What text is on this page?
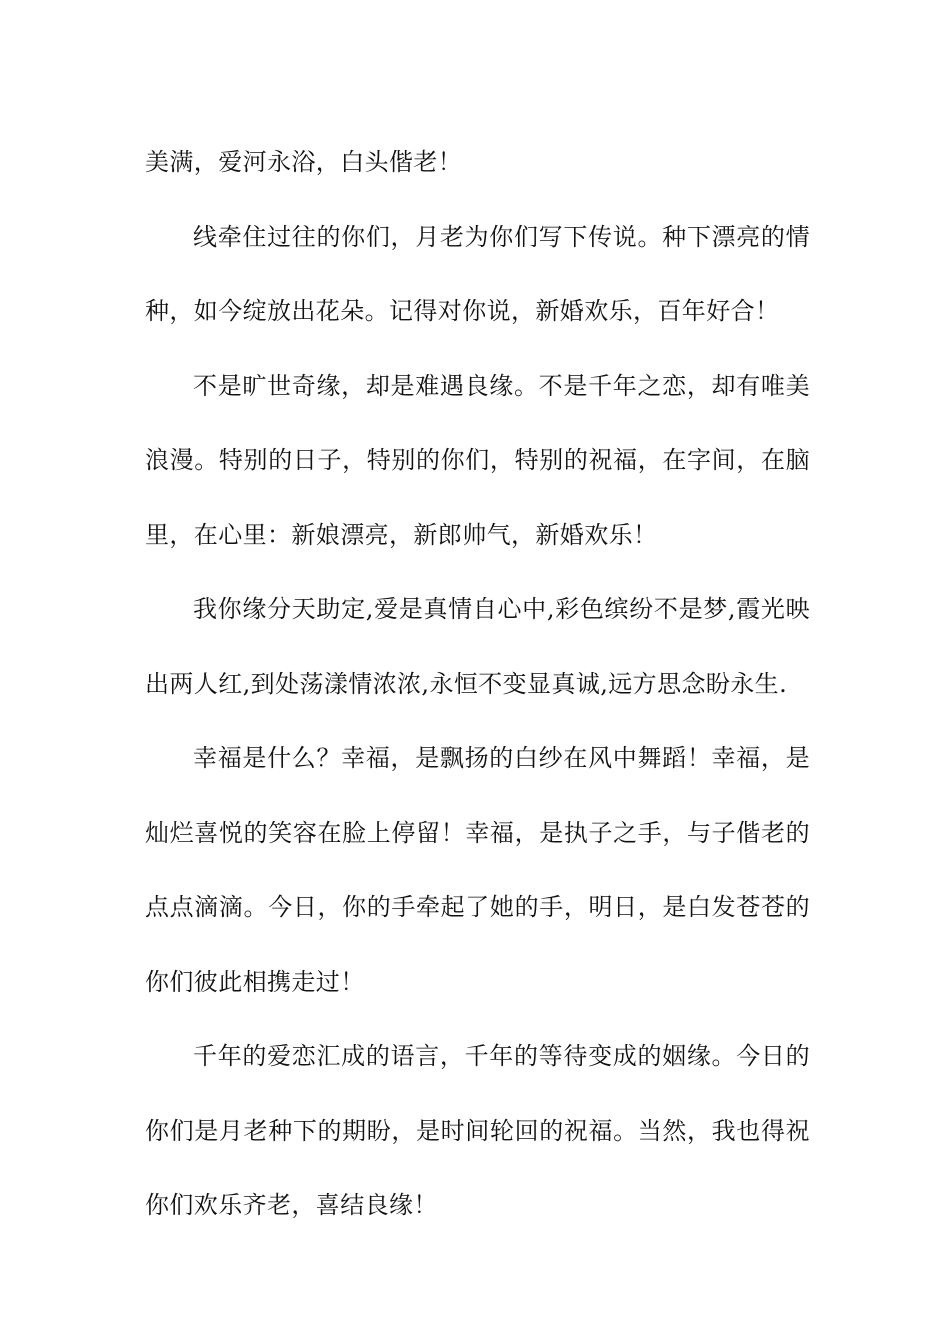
美满，爱河永浴，白头偕老！

线牵住过往的你们，月老为你们写下传说。种下漂亮的情种，如今绽放出花朵。记得对你说，新婚欢乐，百年好合！

不是旷世奇缘，却是难遇良缘。不是千年之恋，却有唯美浪漫。特别的日子，特别的你们，特别的祝福，在字间，在脑里，在心里：新娘漂亮，新郎帅气，新婚欢乐！

我你缘分天助定,爱是真情自心中,彩色缤纷不是梦,霞光映出两人红,到处荡漾情浓浓,永恒不变显真诚,远方思念盼永生.

幸福是什么？幸福，是飘扬的白纱在风中舞蹈！幸福，是灿烂喜悦的笑容在脸上停留！幸福，是执子之手，与子偕老的点点滴滴。今日，你的手牵起了她的手，明日，是白发苍苍的你们彼此相携走过！

千年的爱恋汇成的语言，千年的等待变成的姻缘。今日的你们是月老种下的期盼，是时间轮回的祝福。当然，我也得祝你们欢乐齐老，喜结良缘！
